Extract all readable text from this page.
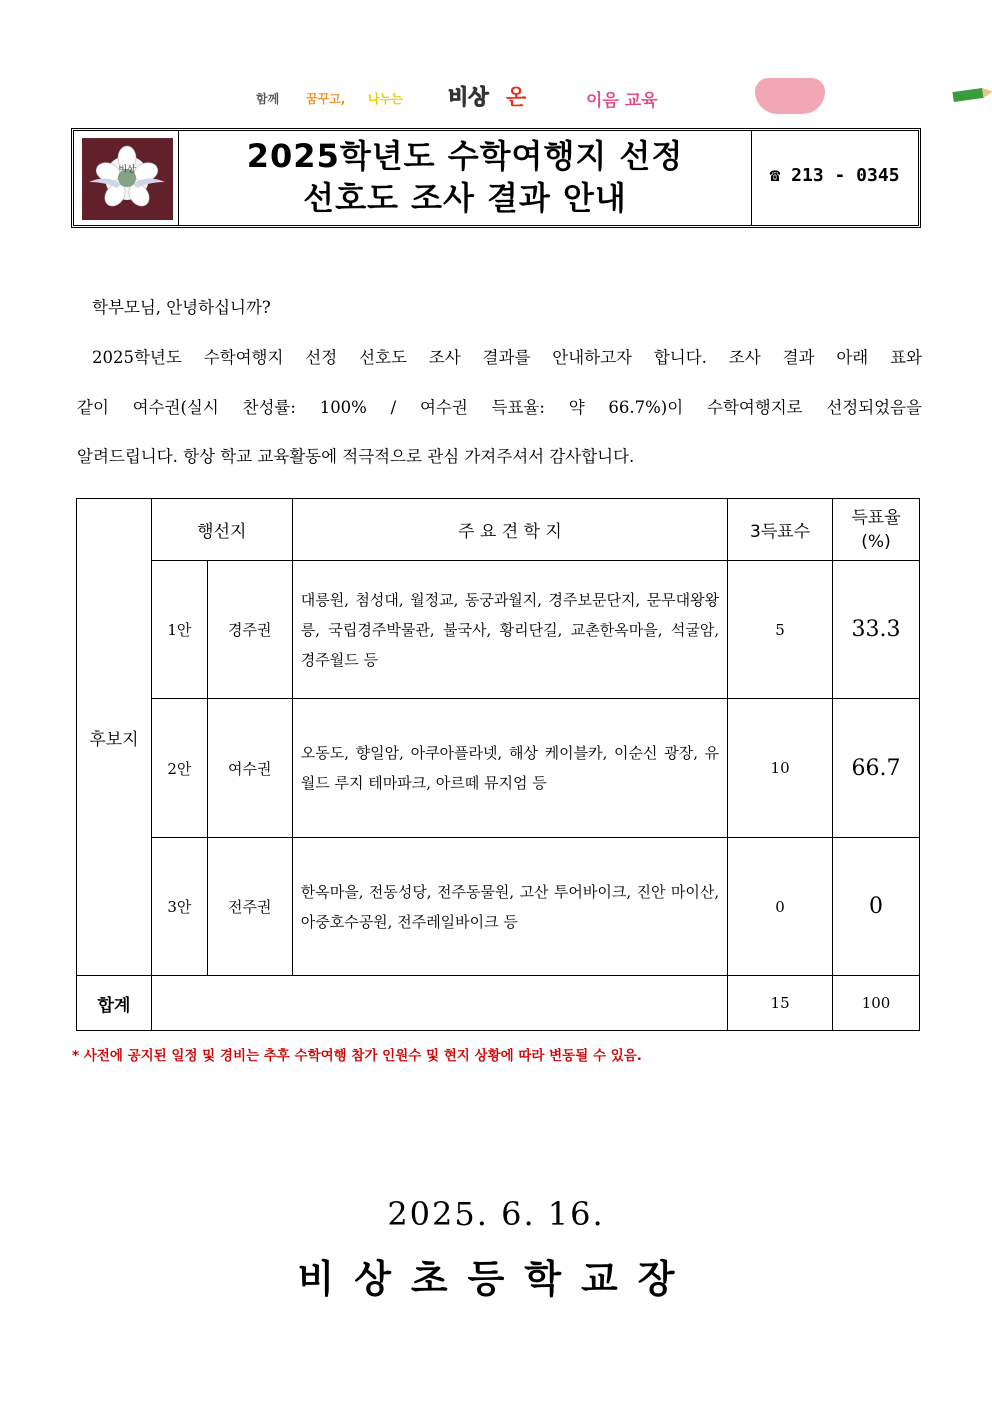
함께 꿈꾸고, 나누는 비상 온	이음 교육
비상	2025학년도 수학여행지 선정
선호도 조사 결과 안내
☎ 213 - 0345
학부모님, 안녕하십니까?
2025학년도 수학여행지 선정 선호도 조사 결과를 안내하고자 합니다. 조사 결과 아래 표와
같이 여수권(실시 찬성률: 100% / 여수권 득표율: 약 66.7%)이 수학여행지로 선정되었음을
알려드립니다. 항상 학교 교육활동에 적극적으로 관심 가져주셔서 감사합니다.
후보지	행선지		주 요 견 학 지	3득표수	득표율
(%)

	1안	경주권	대릉원, 첨성대, 월정교, 동궁과월지, 경주보문단지, 문무대왕왕릉, 국립경주박물관, 불국사, 황리단길, 교촌한옥마을, 석굴암, 경주월드 등	5	33.3
	2안	여수권	오동도, 향일암, 아쿠아플라넷, 해상 케이블카, 이순신 광장, 유월드 루지 테마파크, 아르떼 뮤지엄 등	10	66.7
	3안	전주권	한옥마을, 전동성당, 전주동물원, 고산 투어바이크, 진안 마이산, 아중호수공원, 전주레일바이크 등	0	0
합계				15	100
* 사전에 공지된 일정 및 경비는 추후 수학여행 참가 인원수 및 현지 상황에 따라 변동될 수 있음.
2025. 6. 16.
비상초등학교장
